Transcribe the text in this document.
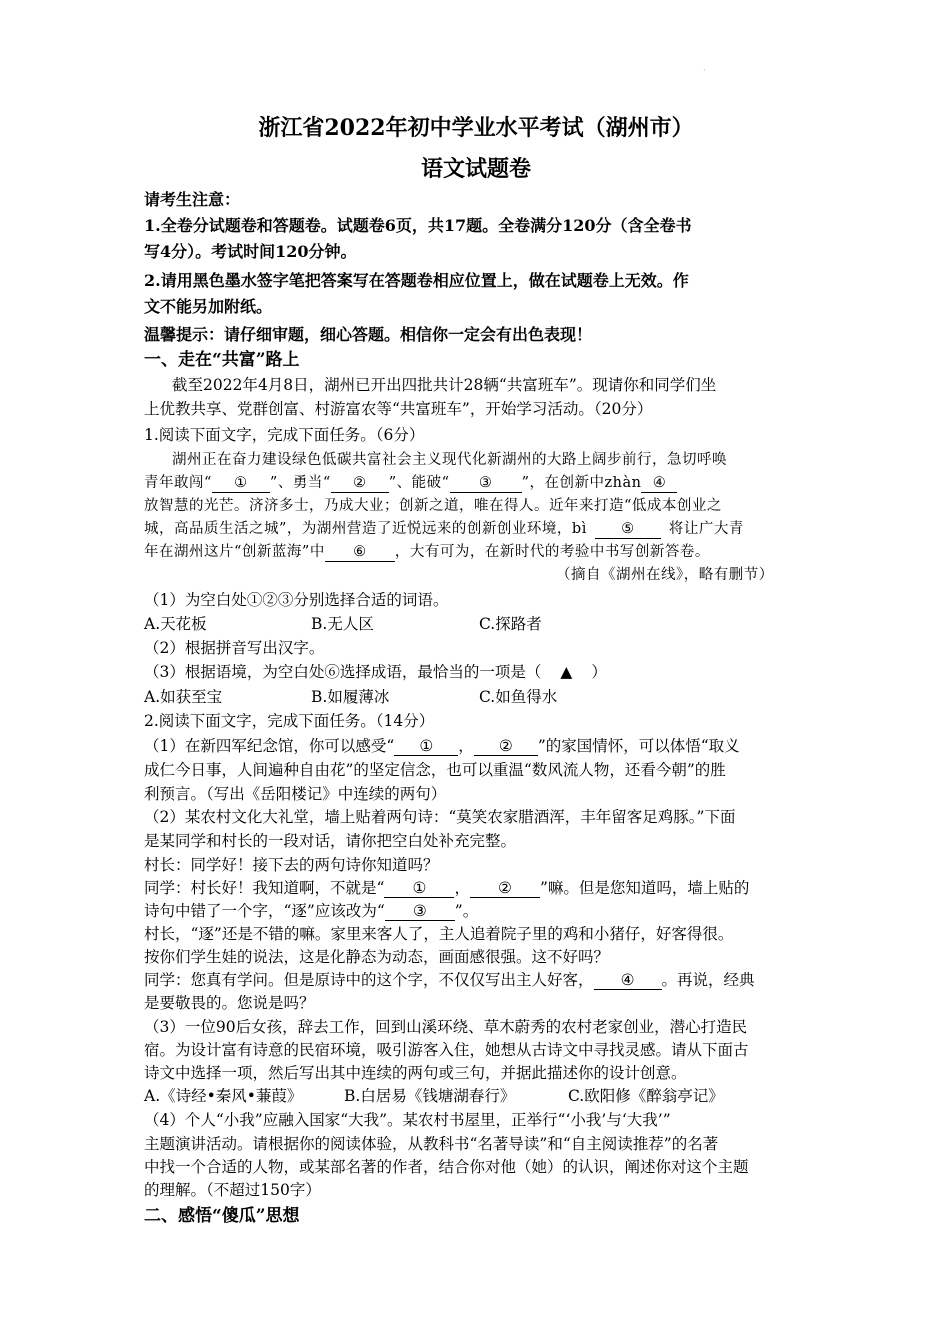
·
浙江省2022年初中学业水平考试（湖州市）
语文试题卷
请考生注意：
1.全卷分试题卷和答题卷。试题卷6页，共17题。全卷满分120分（含全卷书
写4分）。考试时间120分钟。
2.请用黑色墨水签字笔把答案写在答题卷相应位置上，做在试题卷上无效。作
文不能另加附纸。
温馨提示：请仔细审题，细心答题。相信你一定会有出色表现！
一、走在“共富”路上
截至2022年4月8日，湖州已开出四批共计28辆“共富班车”。现请你和同学们坐
上优教共享、党群创富、村游富农等“共富班车”，开始学习活动。（20分）
1.阅读下面文字，完成下面任务。（6分）
湖州正在奋力建设绿色低碳共富社会主义现代化新湖州的大路上阔步前行，急切呼唤
青年敢闯“ ① ”、勇当“ ② ”、能破“ ③ ”，在创新中zhàn ④
放智慧的光芒。济济多士，乃成大业；创新之道，唯在得人。近年来打造“低成本创业之
城，高品质生活之城”，为湖州营造了近悦远来的创新创业环境，bì ⑤ 将让广大青
年在湖州这片“创新蓝海”中 ⑥ ，大有可为，在新时代的考验中书写创新答卷。
（摘自《湖州在线》，略有删节）
（1）为空白处①②③分别选择合适的词语。
A.天花板	B.无人区	C.探路者
（2）根据拼音写出汉字。
（3）根据语境，为空白处⑥选择成语，最恰当的一项是（ ▲ ）
A.如获至宝	B.如履薄冰	C.如鱼得水
2.阅读下面文字，完成下面任务。（14分）
（1）在新四军纪念馆，你可以感受“ ① ， ② ”的家国情怀，可以体悟“取义
成仁今日事，人间遍种自由花”的坚定信念，也可以重温“数风流人物，还看今朝”的胜
利预言。（写出《岳阳楼记》中连续的两句）
（2）某农村文化大礼堂，墙上贴着两句诗：“莫笑农家腊酒浑，丰年留客足鸡豚。”下面
是某同学和村长的一段对话，请你把空白处补充完整。
村长：同学好！接下去的两句诗你知道吗？
同学：村长好！我知道啊，不就是“ ① ， ② ”嘛。但是您知道吗，墙上贴的
诗句中错了一个字，“逐”应该改为“ ③ ”。
村长，“逐”还是不错的嘛。家里来客人了，主人追着院子里的鸡和小猪仔，好客得很。
按你们学生娃的说法，这是化静态为动态，画面感很强。这不好吗？
同学：您真有学问。但是原诗中的这个字，不仅仅写出主人好客， ④ 。再说，经典
是要敬畏的。您说是吗？
（3）一位90后女孩，辞去工作，回到山溪环绕、草木蔚秀的农村老家创业，潜心打造民
宿。为设计富有诗意的民宿环境，吸引游客入住，她想从古诗文中寻找灵感。请从下面古
诗文中选择一项，然后写出其中连续的两句或三句，并据此描述你的设计创意。
A.《诗经•秦风•蒹葭》	B.白居易《钱塘湖春行》	C.欧阳修《醉翁亭记》
（4）个人“小我”应融入国家“大我”。某农村书屋里，正举行“‘小我’与‘大我’”
主题演讲活动。请根据你的阅读体验，从教科书“名著导读”和“自主阅读推荐”的名著
中找一个合适的人物，或某部名著的作者，结合你对他（她）的认识，阐述你对这个主题
的理解。（不超过150字）
二、感悟“傻瓜”思想
